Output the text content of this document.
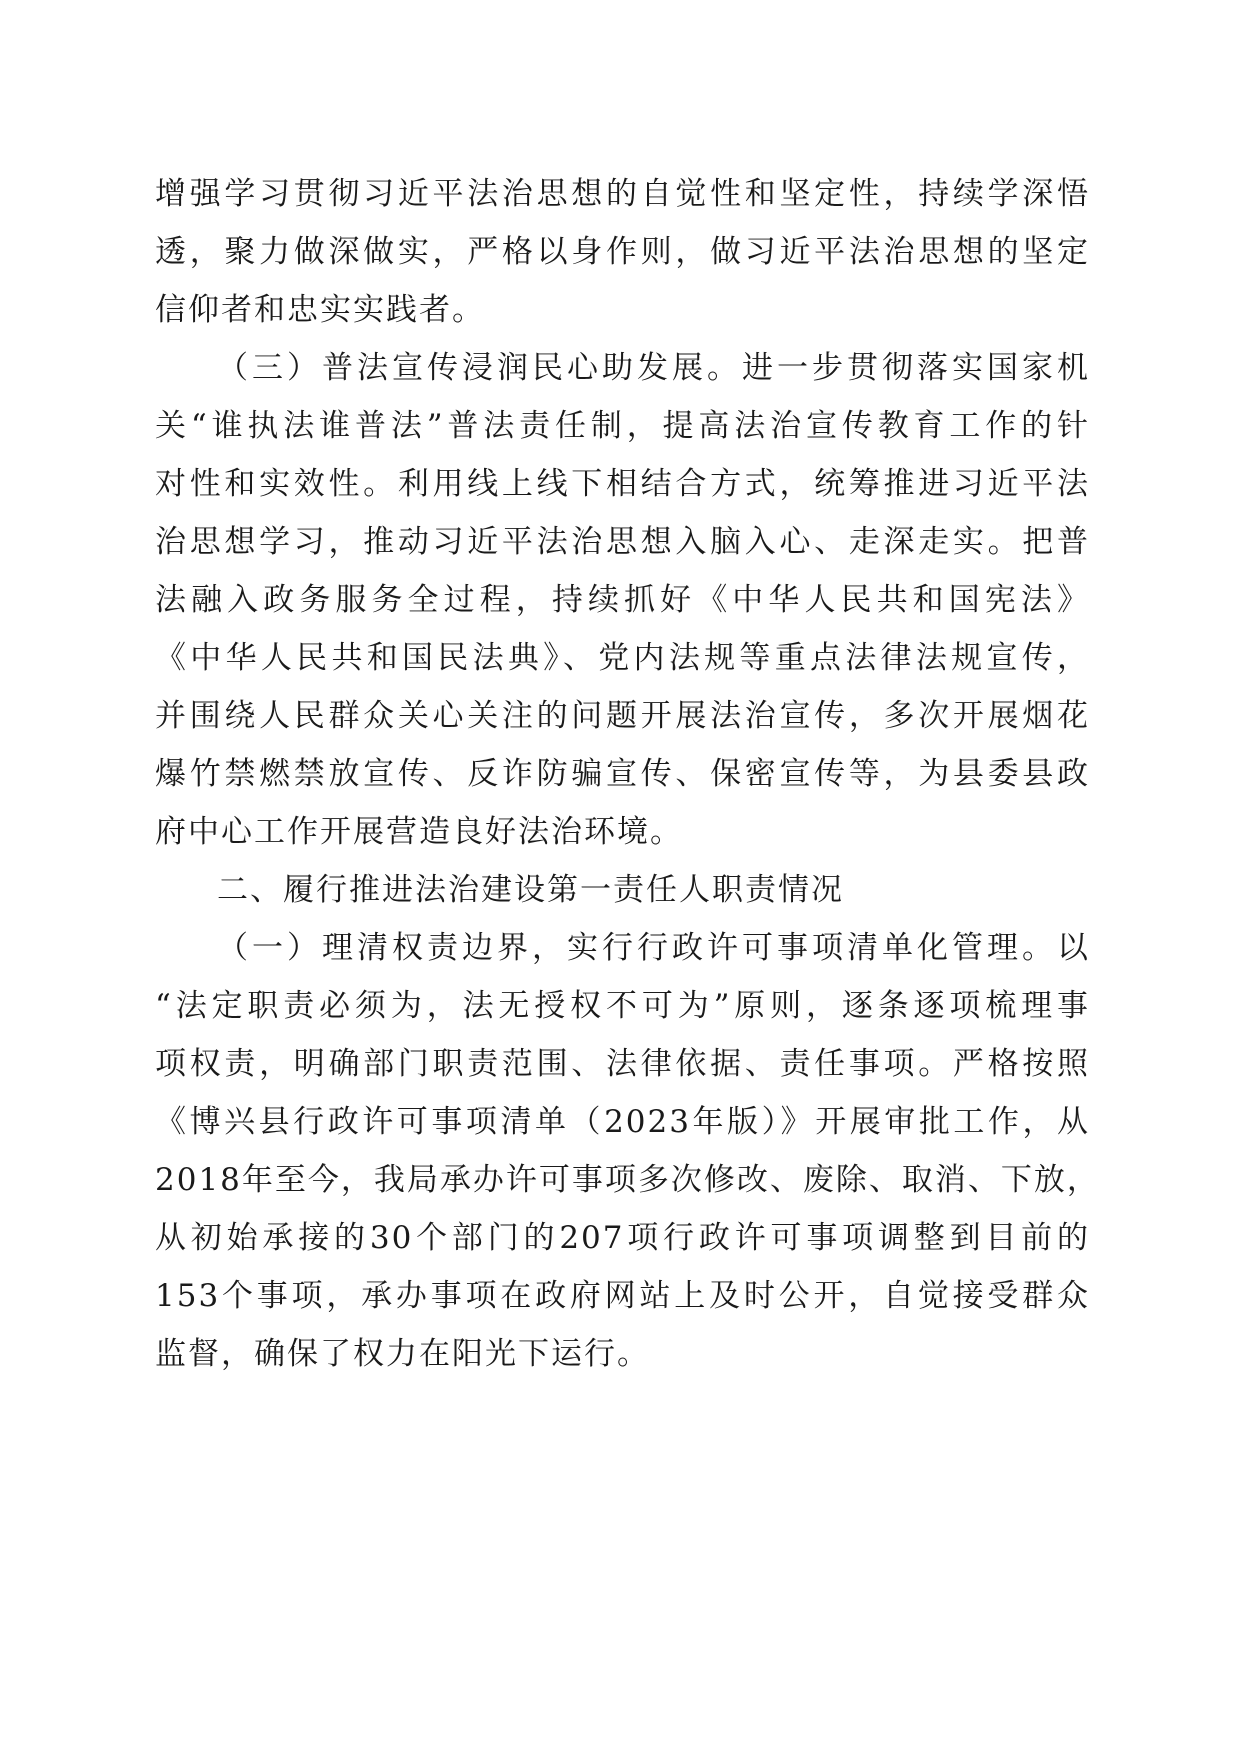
增强学习贯彻习近平法治思想的自觉性和坚定性，持续学深悟
透，聚力做深做实，严格以身作则，做习近平法治思想的坚定
信仰者和忠实实践者。
（三）普法宣传浸润民心助发展。进一步贯彻落实国家机
关“谁执法谁普法”普法责任制，提高法治宣传教育工作的针
对性和实效性。利用线上线下相结合方式，统筹推进习近平法
治思想学习，推动习近平法治思想入脑入心、走深走实。把普
法融入政务服务全过程，持续抓好《中华人民共和国宪法》
《中华人民共和国民法典》、党内法规等重点法律法规宣传，
并围绕人民群众关心关注的问题开展法治宣传，多次开展烟花
爆竹禁燃禁放宣传、反诈防骗宣传、保密宣传等，为县委县政
府中心工作开展营造良好法治环境。
二、履行推进法治建设第一责任人职责情况
（一）理清权责边界，实行行政许可事项清单化管理。以
“法定职责必须为，法无授权不可为”原则，逐条逐项梳理事
项权责，明确部门职责范围、法律依据、责任事项。严格按照
《博兴县行政许可事项清单（2023年版）》开展审批工作，从
2018年至今，我局承办许可事项多次修改、废除、取消、下放，
从初始承接的30个部门的207项行政许可事项调整到目前的
153个事项，承办事项在政府网站上及时公开，自觉接受群众
监督，确保了权力在阳光下运行。
